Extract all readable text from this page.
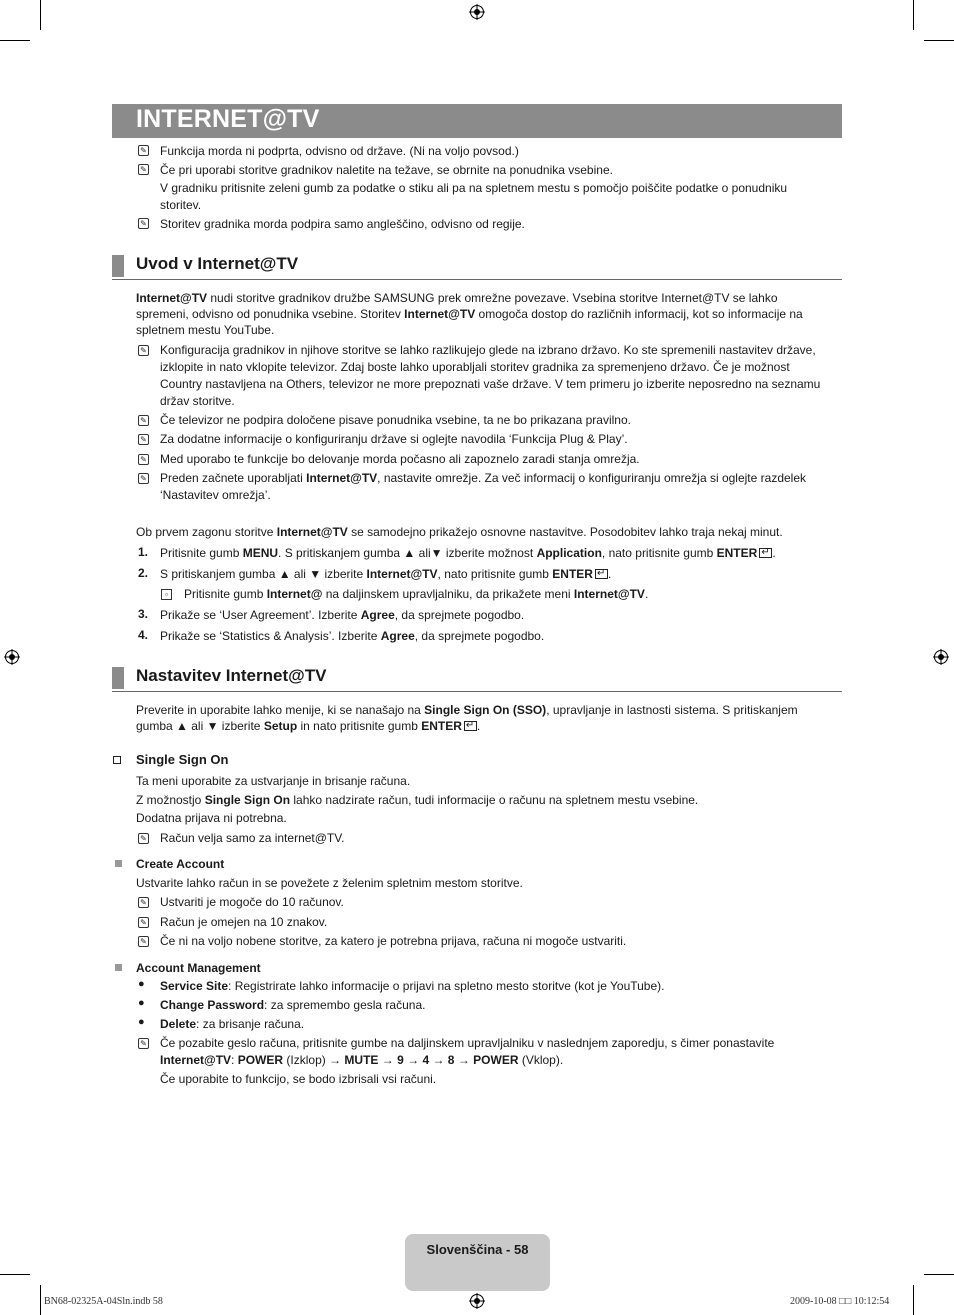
INTERNET@TV
✎
Funkcija morda ni podprta, odvisno od države. (Ni na voljo povsod.)
✎
Če pri uporabi storitve gradnikov naletite na težave, se obrnite na ponudnika vsebine.
V gradniku pritisnite zeleni gumb za podatke o stiku ali pa na spletnem mestu s pomočjo poiščite podatke o ponudniku
storitev.
✎
Storitev gradnika morda podpira samo angleščino, odvisno od regije.
Uvod v Internet@TV
Internet@TV nudi storitve gradnikov družbe SAMSUNG prek omrežne povezave. Vsebina storitve Internet@TV se lahko
spremeni, odvisno od ponudnika vsebine. Storitev Internet@TV omogoča dostop do različnih informacij, kot so informacije na
spletnem mestu YouTube.
✎
Konfiguracija gradnikov in njihove storitve se lahko razlikujejo glede na izbrano državo. Ko ste spremenili nastavitev države,
izklopite in nato vklopite televizor. Zdaj boste lahko uporabljali storitev gradnika za spremenjeno državo. Če je možnost
Country nastavljena na Others, televizor ne more prepoznati vaše države. V tem primeru jo izberite neposredno na seznamu
držav storitve.
✎
Če televizor ne podpira določene pisave ponudnika vsebine, ta ne bo prikazana pravilno.
✎
Za dodatne informacije o konfiguriranju države si oglejte navodila ‘Funkcija Plug & Play’.
✎
Med uporabo te funkcije bo delovanje morda počasno ali zapoznelo zaradi stanja omrežja.
✎
Preden začnete uporabljati Internet@TV, nastavite omrežje. Za več informacij o konfiguriranju omrežja si oglejte razdelek
‘Nastavitev omrežja’.
Ob prvem zagonu storitve Internet@TV se samodejno prikažejo osnovne nastavitve. Posodobitev lahko traja nekaj minut.
1. Pritisnite gumb MENU. S pritiskanjem gumba ▲ ali▼ izberite možnost Application, nato pritisnite gumb ENTER ↵ .
2. S pritiskanjem gumba ▲ ali ▼ izberite Internet@TV, nato pritisnite gumb ENTER ↵ .
▫	Pritisnite gumb Internet@ na daljinskem upravljalniku, da prikažete meni Internet@TV.
3. Prikaže se ‘User Agreement’. Izberite Agree, da sprejmete pogodbo.
4. Prikaže se ‘Statistics & Analysis’. Izberite Agree, da sprejmete pogodbo.
Nastavitev Internet@TV
Preverite in uporabite lahko menije, ki se nanašajo na Single Sign On (SSO), upravljanje in lastnosti sistema. S pritiskanjem
gumba ▲ ali ▼ izberite Setup in nato pritisnite gumb ENTER ↵ .
Single Sign On
Ta meni uporabite za ustvarjanje in brisanje računa.
Z možnostjo Single Sign On lahko nadzirate račun, tudi informacije o računu na spletnem mestu vsebine.
Dodatna prijava ni potrebna.
✎
Račun velja samo za internet@TV.
Create Account
Ustvarite lahko račun in se povežete z želenim spletnim mestom storitve.
✎
Ustvariti je mogoče do 10 računov.
✎
Račun je omejen na 10 znakov.
✎
Če ni na voljo nobene storitve, za katero je potrebna prijava, računa ni mogoče ustvariti.
Account Management
● Service Site: Registrirate lahko informacije o prijavi na spletno mesto storitve (kot je YouTube).
● Change Password: za spremembo gesla računa.
● Delete: za brisanje računa.
✎
Če pozabite geslo računa, pritisnite gumbe na daljinskem upravljalniku v naslednjem zaporedju, s čimer ponastavite
Internet@TV: POWER (Izklop) → MUTE → 9 → 4 → 8 → POWER (Vklop).
Če uporabite to funkcijo, se bodo izbrisali vsi računi.
Slovenščina - 58
BN68-02325A-04Sln.indb 58	2009-10-08 □□ 10:12:54
